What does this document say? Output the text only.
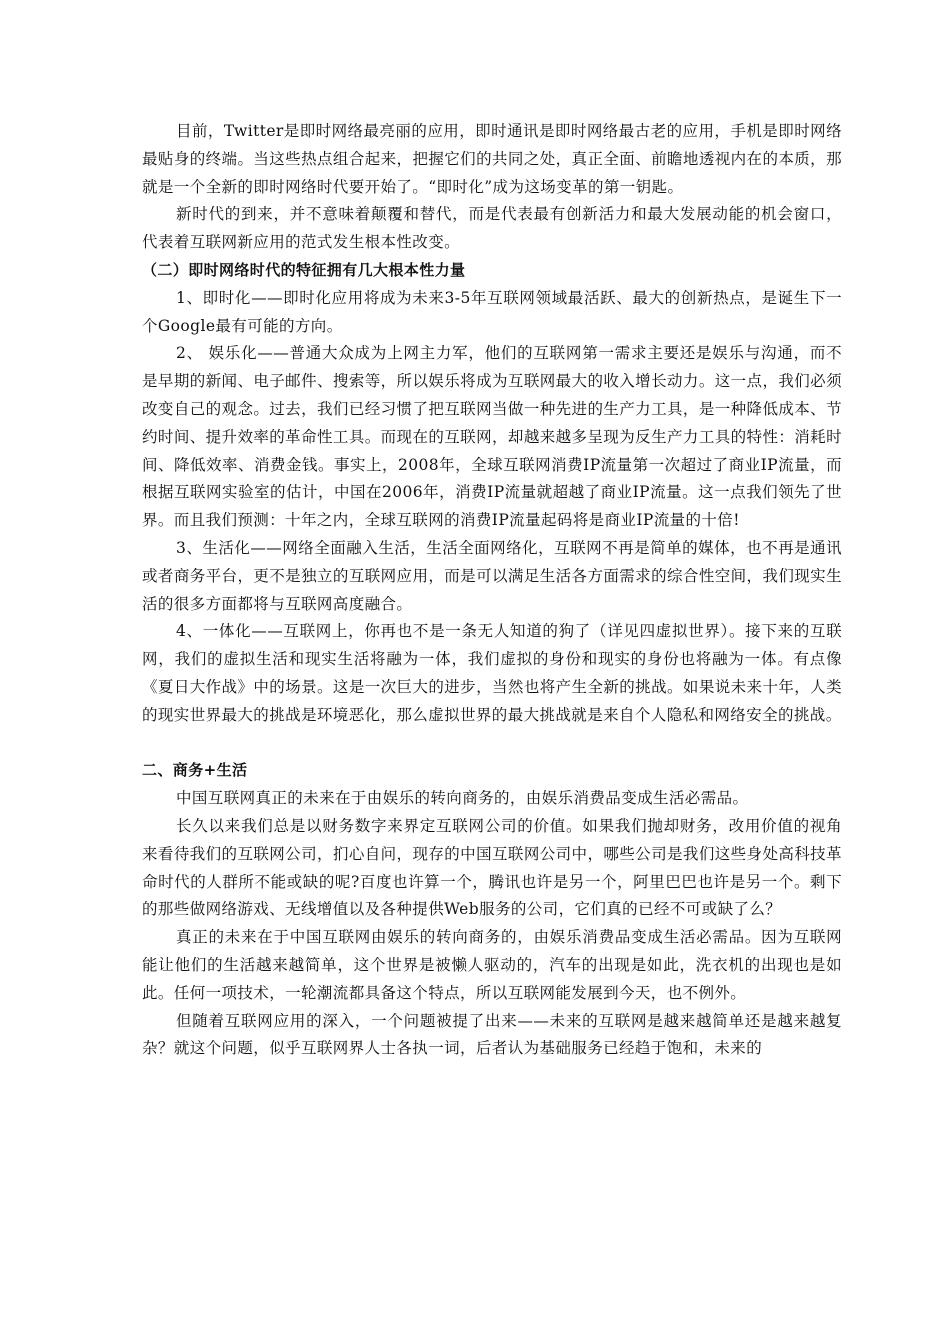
目前，Twitter是即时网络最亮丽的应用，即时通讯是即时网络最古老的应用，手机是即时网络最贴身的终端。当这些热点组合起来，把握它们的共同之处，真正全面、前瞻地透视内在的本质，那就是一个全新的即时网络时代要开始了。“即时化”成为这场变革的第一钥匙。

新时代的到来，并不意味着颠覆和替代，而是代表最有创新活力和最大发展动能的机会窗口，代表着互联网新应用的范式发生根本性改变。

（二）即时网络时代的特征拥有几大根本性力量

1、即时化——即时化应用将成为未来3-5年互联网领域最活跃、最大的创新热点，是诞生下一个Google最有可能的方向。

2、 娱乐化——普通大众成为上网主力军，他们的互联网第一需求主要还是娱乐与沟通，而不是早期的新闻、电子邮件、搜索等，所以娱乐将成为互联网最大的收入增长动力。这一点，我们必须改变自己的观念。过去，我们已经习惯了把互联网当做一种先进的生产力工具，是一种降低成本、节约时间、提升效率的革命性工具。而现在的互联网，却越来越多呈现为反生产力工具的特性：消耗时间、降低效率、消费金钱。事实上，2008年，全球互联网消费IP流量第一次超过了商业IP流量，而根据互联网实验室的估计，中国在2006年，消费IP流量就超越了商业IP流量。这一点我们领先了世界。而且我们预测：十年之内，全球互联网的消费IP流量起码将是商业IP流量的十倍!

3、生活化——网络全面融入生活，生活全面网络化，互联网不再是简单的媒体，也不再是通讯或者商务平台，更不是独立的互联网应用，而是可以满足生活各方面需求的综合性空间，我们现实生活的很多方面都将与互联网高度融合。

4、一体化——互联网上，你再也不是一条无人知道的狗了（详见四虚拟世界）。接下来的互联网，我们的虚拟生活和现实生活将融为一体，我们虚拟的身份和现实的身份也将融为一体。有点像《夏日大作战》中的场景。这是一次巨大的进步，当然也将产生全新的挑战。如果说未来十年，人类的现实世界最大的挑战是环境恶化，那么虚拟世界的最大挑战就是来自个人隐私和网络安全的挑战。

二、商务+生活

中国互联网真正的未来在于由娱乐的转向商务的，由娱乐消费品变成生活必需品。

长久以来我们总是以财务数字来界定互联网公司的价值。如果我们抛却财务，改用价值的视角来看待我们的互联网公司，扪心自问，现存的中国互联网公司中，哪些公司是我们这些身处高科技革命时代的人群所不能或缺的呢?百度也许算一个，腾讯也许是另一个，阿里巴巴也许是另一个。剩下的那些做网络游戏、无线增值以及各种提供Web服务的公司，它们真的已经不可或缺了么？

真正的未来在于中国互联网由娱乐的转向商务的，由娱乐消费品变成生活必需品。因为互联网能让他们的生活越来越简单，这个世界是被懒人驱动的，汽车的出现是如此，洗衣机的出现也是如此。任何一项技术，一轮潮流都具备这个特点，所以互联网能发展到今天，也不例外。

但随着互联网应用的深入，一个问题被提了出来——未来的互联网是越来越简单还是越来越复杂？就这个问题，似乎互联网界人士各执一词，后者认为基础服务已经趋于饱和，未来的
